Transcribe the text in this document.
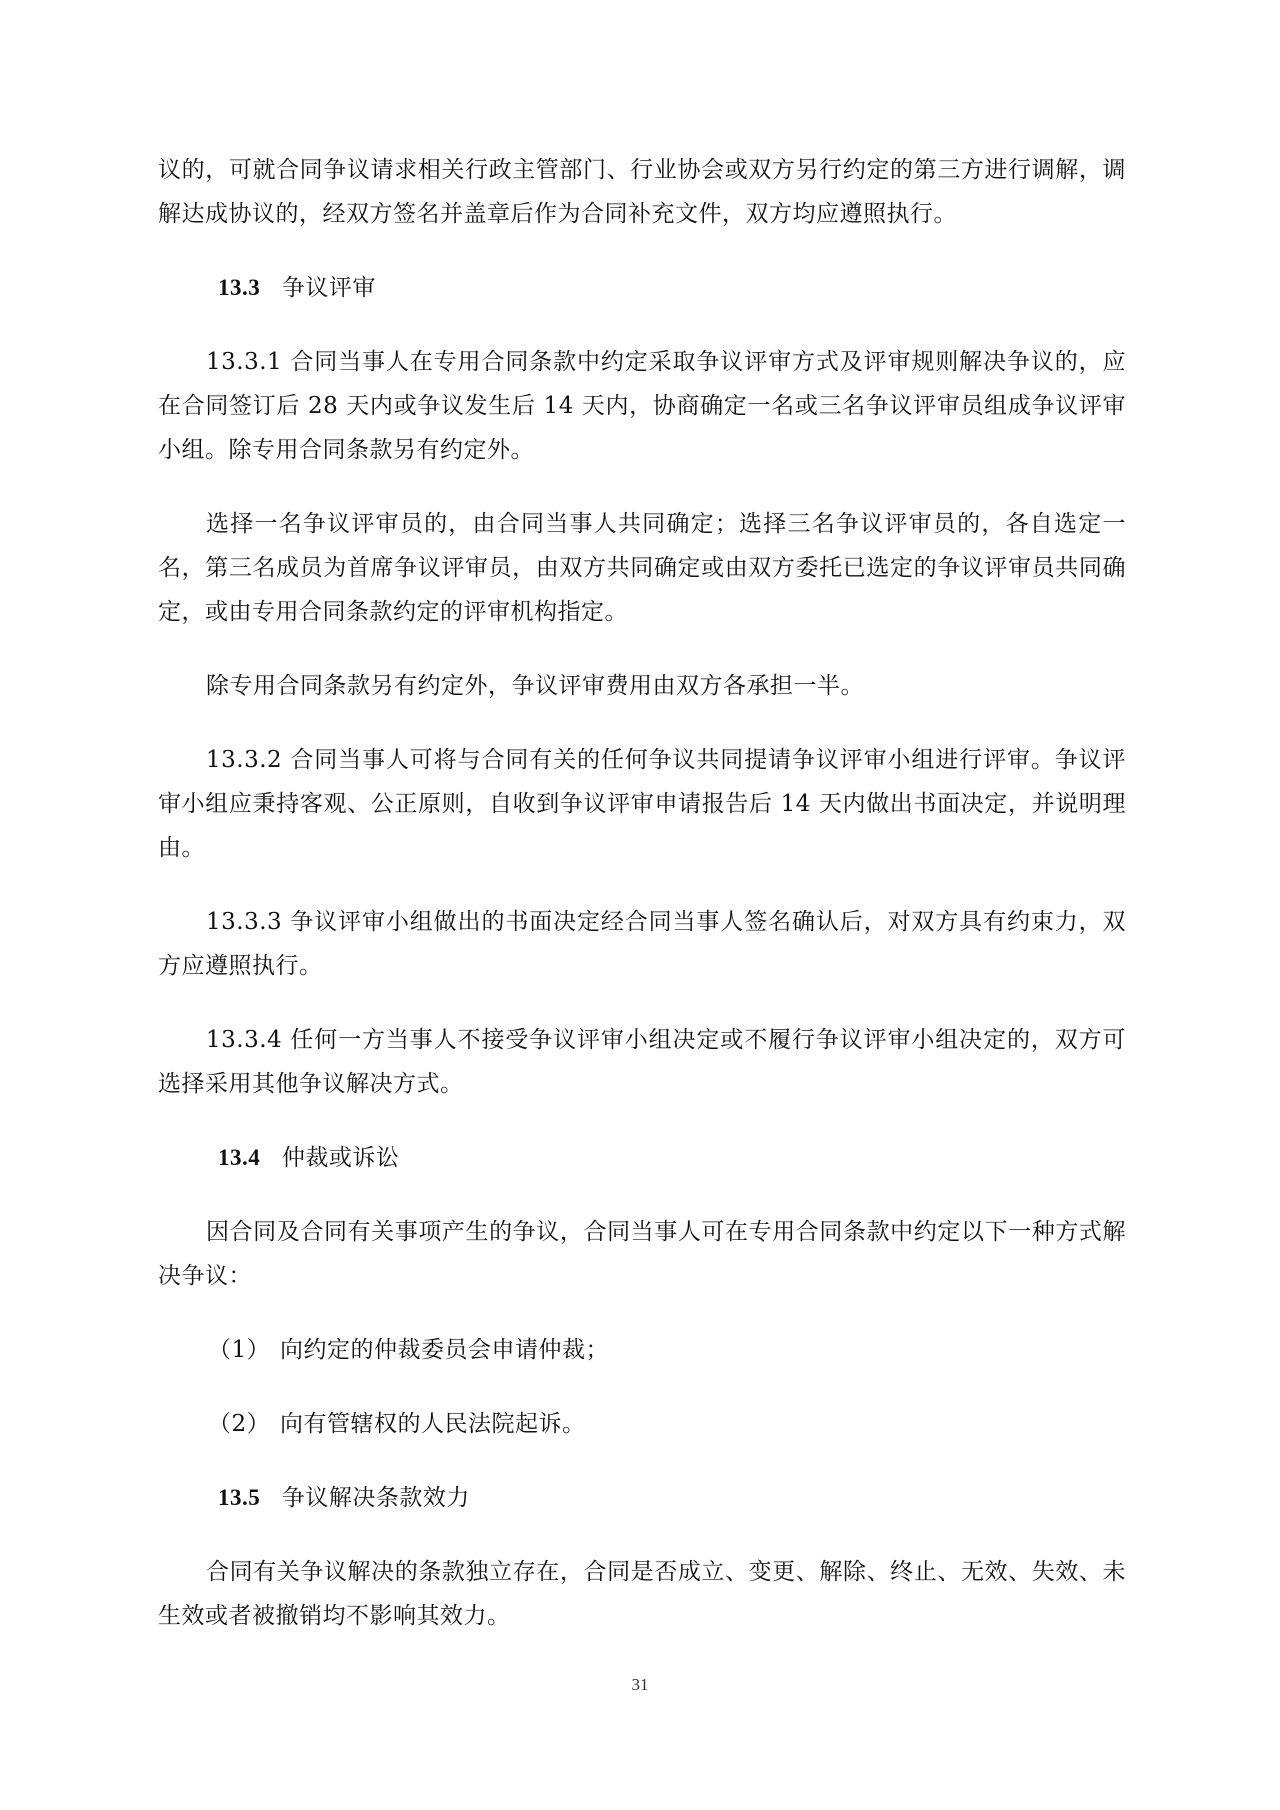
议的，可就合同争议请求相关行政主管部门、行业协会或双方另行约定的第三方进行调解，调解达成协议的，经双方签名并盖章后作为合同补充文件，双方均应遵照执行。

13.3 争议评审

13.3.1 合同当事人在专用合同条款中约定采取争议评审方式及评审规则解决争议的，应在合同签订后 28 天内或争议发生后 14 天内，协商确定一名或三名争议评审员组成争议评审小组。除专用合同条款另有约定外。

选择一名争议评审员的，由合同当事人共同确定；选择三名争议评审员的，各自选定一名，第三名成员为首席争议评审员，由双方共同确定或由双方委托已选定的争议评审员共同确定，或由专用合同条款约定的评审机构指定。

除专用合同条款另有约定外，争议评审费用由双方各承担一半。

13.3.2 合同当事人可将与合同有关的任何争议共同提请争议评审小组进行评审。争议评审小组应秉持客观、公正原则，自收到争议评审申请报告后 14 天内做出书面决定，并说明理由。

13.3.3 争议评审小组做出的书面决定经合同当事人签名确认后，对双方具有约束力，双方应遵照执行。

13.3.4 任何一方当事人不接受争议评审小组决定或不履行争议评审小组决定的，双方可选择采用其他争议解决方式。

13.4 仲裁或诉讼

因合同及合同有关事项产生的争议，合同当事人可在专用合同条款中约定以下一种方式解决争议：

（1） 向约定的仲裁委员会申请仲裁；

（2） 向有管辖权的人民法院起诉。

13.5 争议解决条款效力

合同有关争议解决的条款独立存在，合同是否成立、变更、解除、终止、无效、失效、未生效或者被撤销均不影响其效力。

31
